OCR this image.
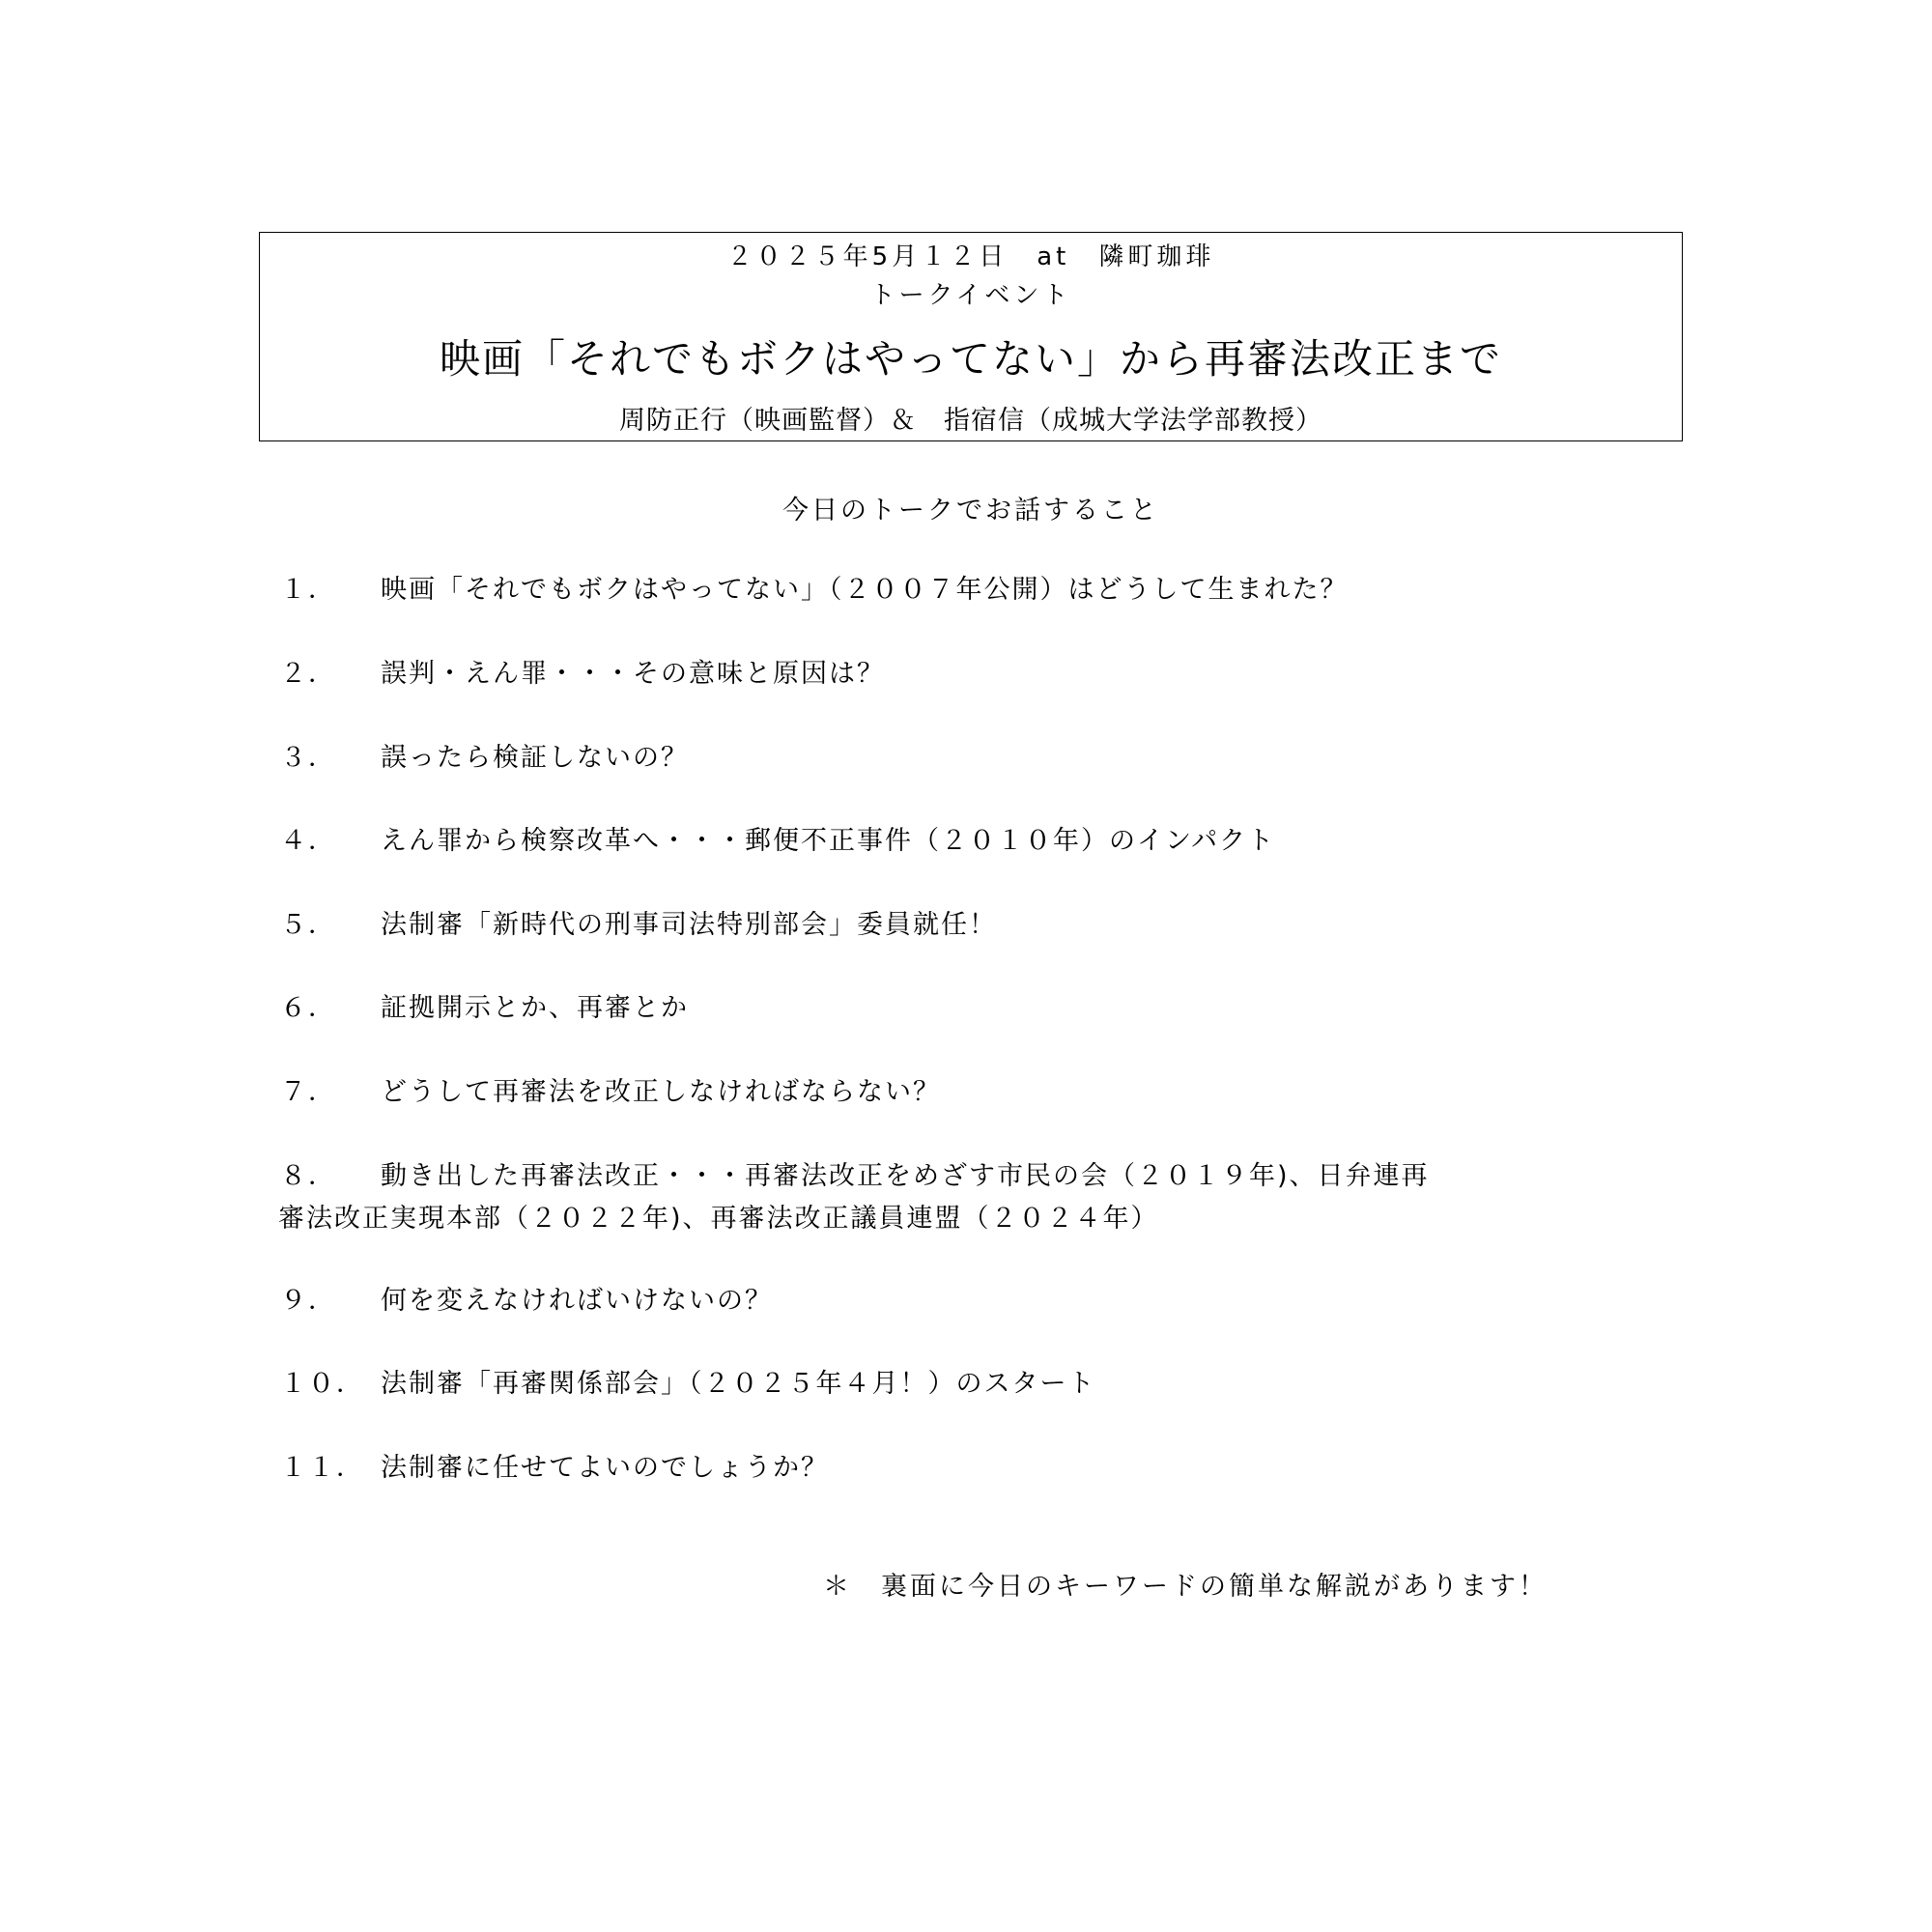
２０２５年5月１２日　at　隣町珈琲
トークイベント
映画「それでもボクはやってない」から再審法改正まで
周防正行（映画監督）＆　指宿信（成城大学法学部教授）
今日のトークでお話すること
１． 映画「それでもボクはやってない」（２００７年公開）はどうして生まれた？
２． 誤判・えん罪・・・その意味と原因は？
３． 誤ったら検証しないの？
４． えん罪から検察改革へ・・・郵便不正事件（２０１０年）のインパクト
５． 法制審「新時代の刑事司法特別部会」委員就任！
６． 証拠開示とか、再審とか
７． どうして再審法を改正しなければならない？
８． 動き出した再審法改正・・・再審法改正をめざす市民の会（２０１９年)、日弁連再
審法改正実現本部（２０２２年)、再審法改正議員連盟（２０２４年）
９． 何を変えなければいけないの？
１０． 法制審「再審関係部会」（２０２５年４月！）のスタート
１１． 法制審に任せてよいのでしょうか？
＊　裏面に今日のキーワードの簡単な解説があります！
